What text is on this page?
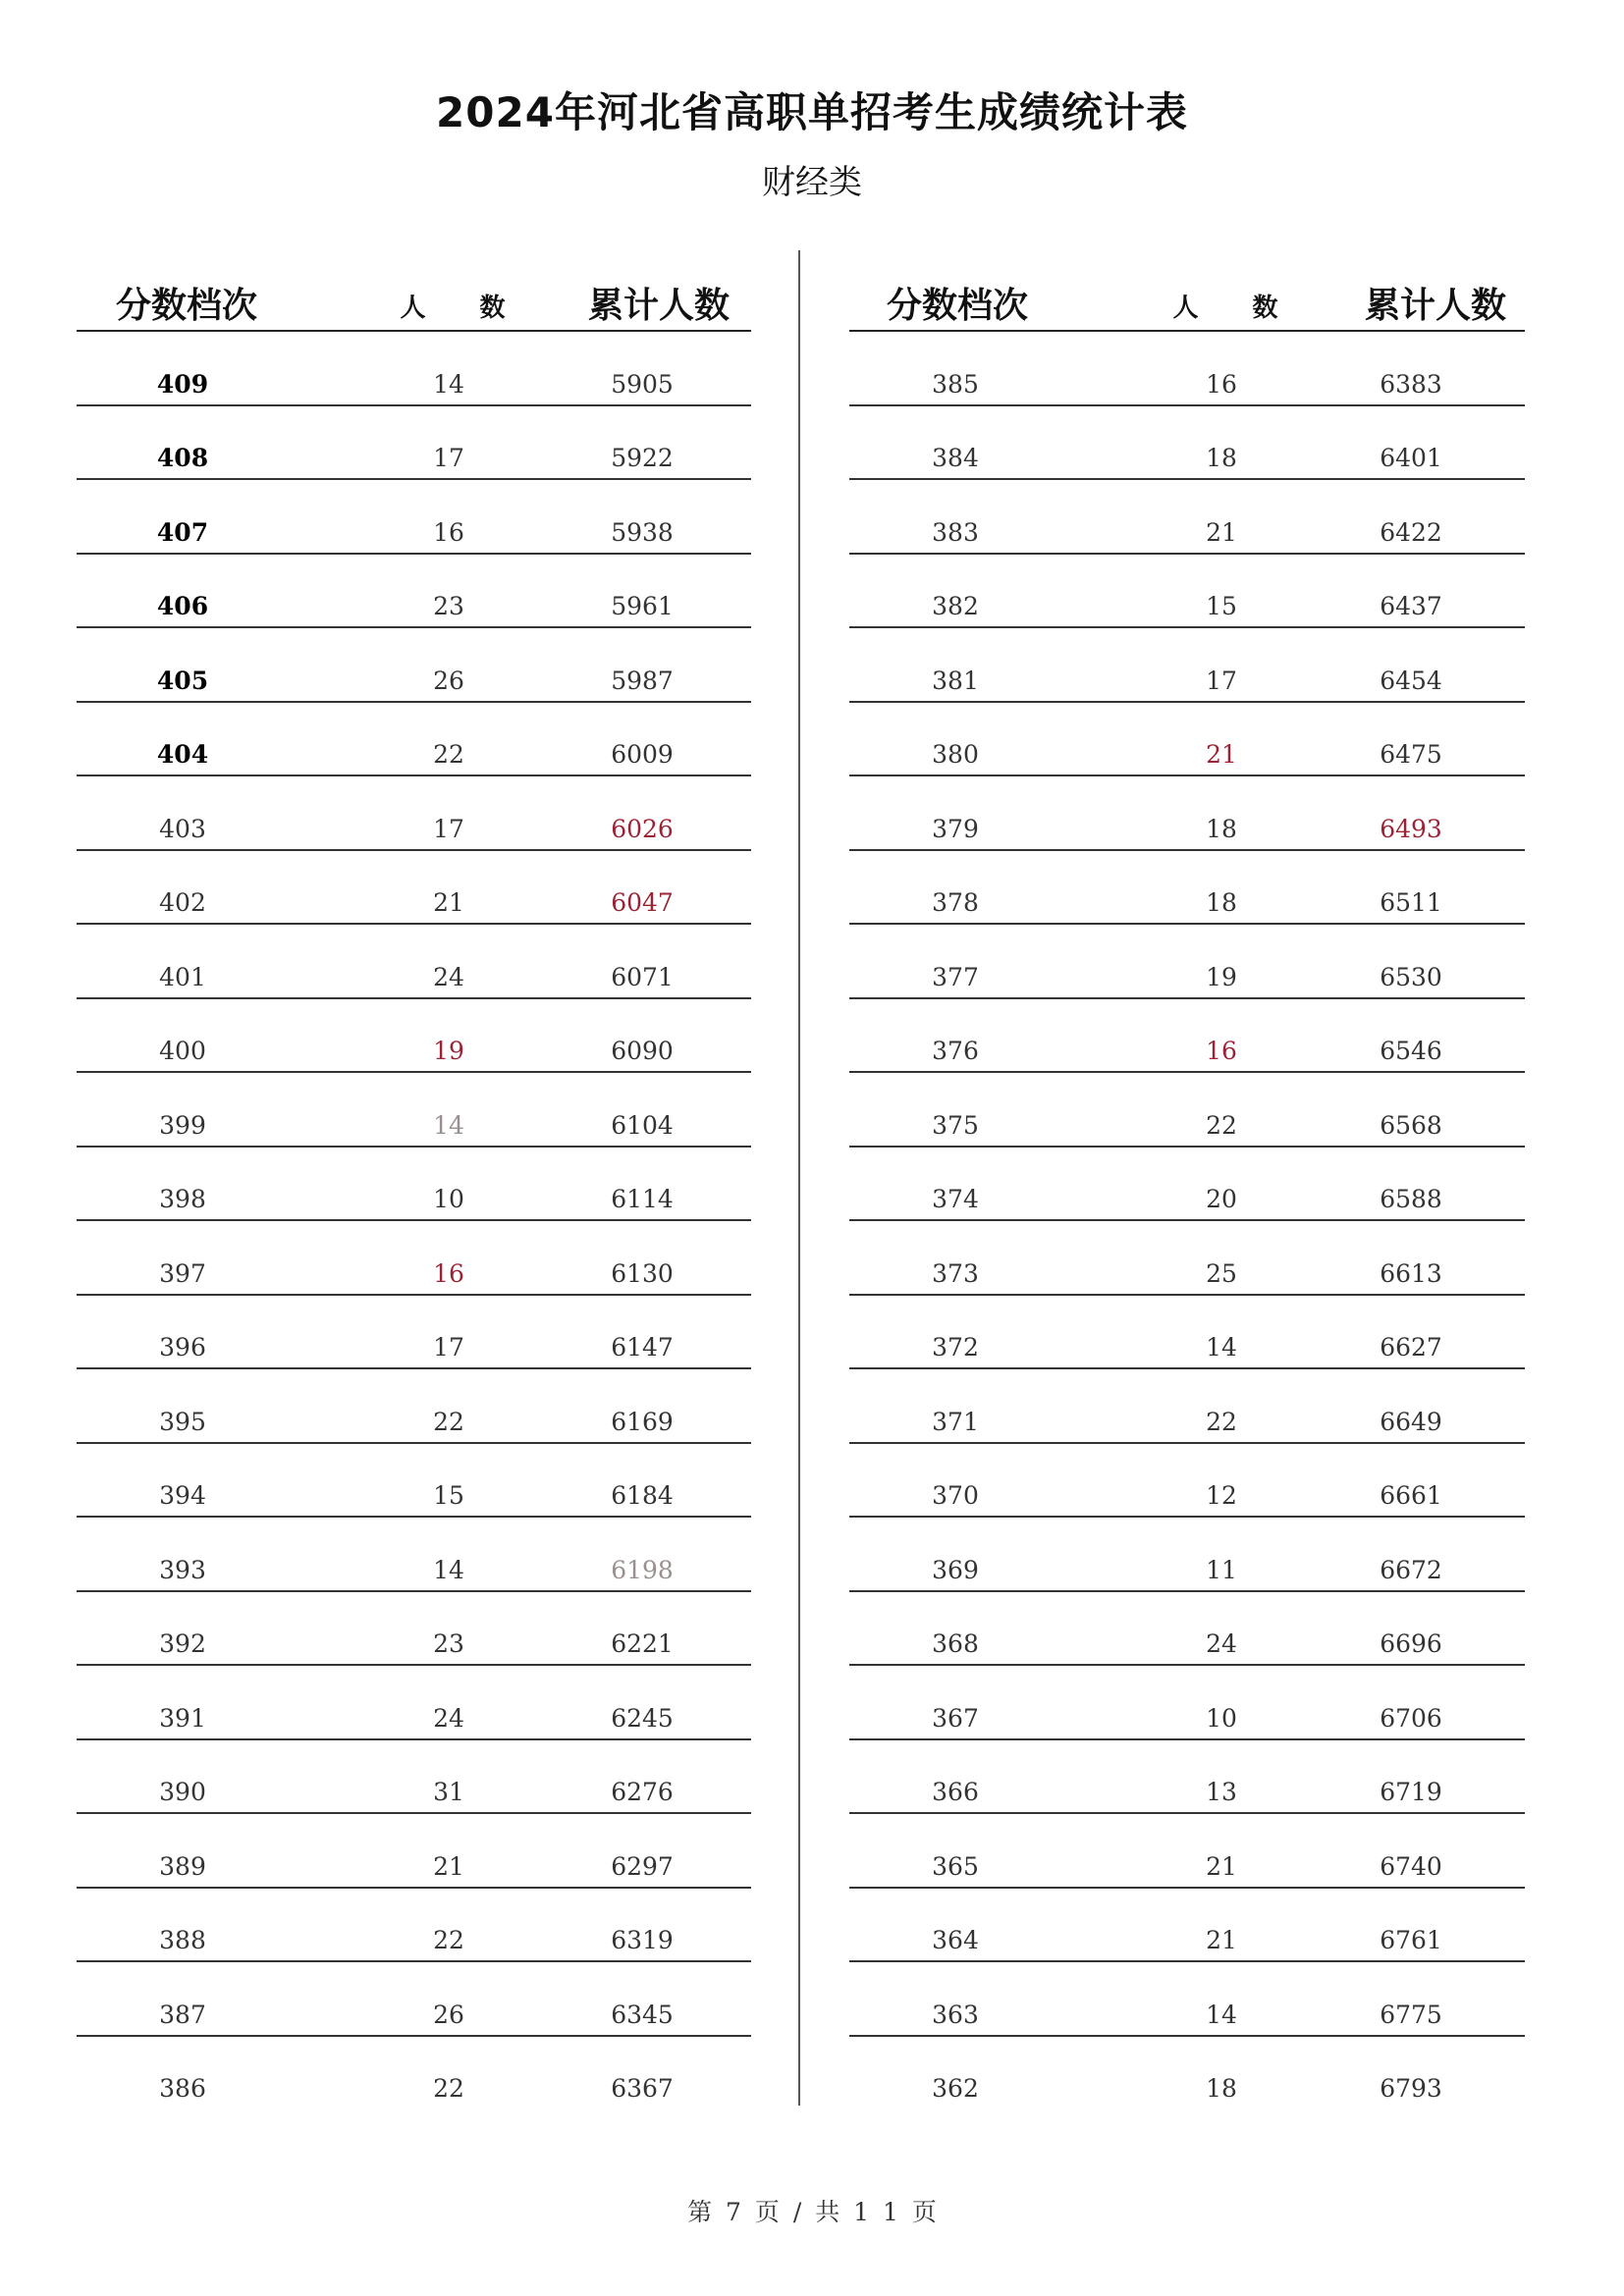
2024年河北省高职单招考生成绩统计表
财经类
分数档次	人数 累计人数
409	14	5905
408	17	5922
407	16	5938
406	23	5961
405	26	5987
404	22	6009
403	17	6026
402	21	6047
401	24	6071
400	19	6090
399	14	6104
398	10	6114
397	16	6130
396	17	6147
395	22	6169
394	15	6184
393	14	6198
392	23	6221
391	24	6245
390	31	6276
389	21	6297
388	22	6319
387	26	6345
386	22	6367
分数档次	人数 累计人数
385	16	6383
384	18	6401
383	21	6422
382	15	6437
381	17	6454
380	21	6475
379	18	6493
378	18	6511
377	19	6530
376	16	6546
375	22	6568
374	20	6588
373	25	6613
372	14	6627
371	22	6649
370	12	6661
369	11	6672
368	24	6696
367	10	6706
366	13	6719
365	21	6740
364	21	6761
363	14	6775
362	18	6793
第 7 页 / 共 1 1 页
